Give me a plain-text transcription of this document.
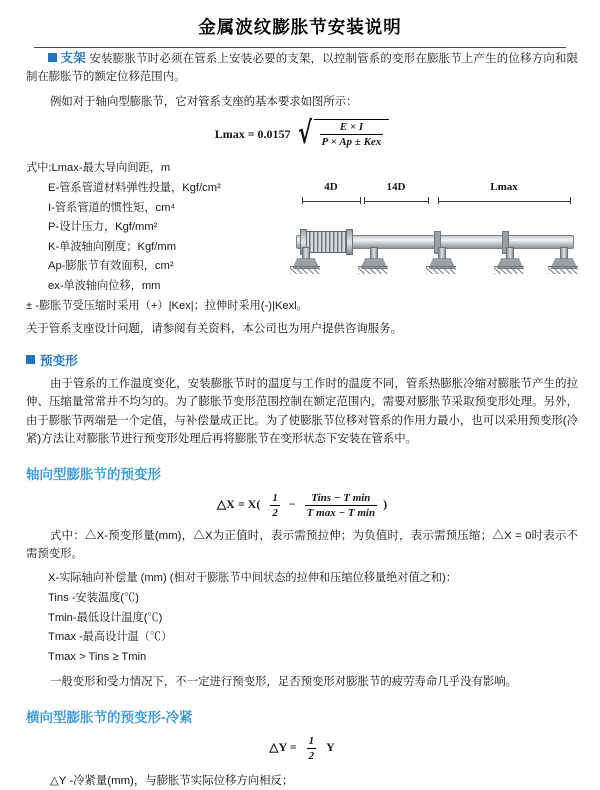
金属波纹膨胀节安装说明
支架 安装膨胀节时必须在管系上安装必要的支架，以控制管系的变形在膨胀节上产生的位移方向和限制在膨胀节的额定位移范围内。

例如对于轴向型膨胀节，它对管系支座的基本要求如图所示：

Lmax = 0.0157 √ $\frac{E \times I}{\text{P × Ap ± Kex}}$
式中:Lmax-最大导向间距，m
E-管系管道材料弹性投量，Kgf/cm²
I-管系管道的惯性矩，cm⁴
P-设计压力，Kgf/mm²
K-单波轴向刚度；Kgf/mm
Ap-膨胀节有效面积，cm²
ex-单波轴向位移，mm
± -膨胀节受压缩时采用（+）|Kex|；拉伸时采用(-)|Kexl。
4D	14D	Lmax

关于管系支座设计问题，请参阅有关资料，本公司也为用户提供咨询服务。

预变形

由于管系的工作温度变化，安装膨胀节时的温度与工作时的温度不同，管系热膨胀冷缩对膨胀节产生的拉伸、压缩量常常并不均匀的。为了膨胀节变形范围控制在额定范围内，需要对膨胀节采取预变形处理。另外，由于膨胀节两端是一个定值，与补偿量成正比。为了使膨胀节位移对管系的作用力最小，也可以采用预变形(冷紧)方法让对膨胀节进行预变形处理后再将膨胀节在变形状态下安装在管系中。

轴向型膨胀节的预变形
△X = $X( \frac{1}{2} - \frac{\text{Tins − T min}}{\text{T max − T min}}$ )

式中：△X-预变形量(mm)，△X为正值时，表示需预拉伸；为负值时，表示需预压缩；△X = 0时表示不需预变形。

X-实际轴向补偿量 (mm) (相对于膨胀节中间状态的拉伸和压缩位移量绝对值之和)：
Tins -安装温度(℃)
Tmin-最低设计温度(℃)
Tmax -最高设计温（℃）
Tmax > Tins ≥ Tmin

一般变形和受力情况下，不一定进行预变形，足否预变形对膨胀节的疲劳寿命几乎没有影响。

横向型膨胀节的预变形-冷紧
△Y = $\frac{1}{2}$ Y

△Y -冷紧量(mm)，与膨胀节实际位移方向相反；
